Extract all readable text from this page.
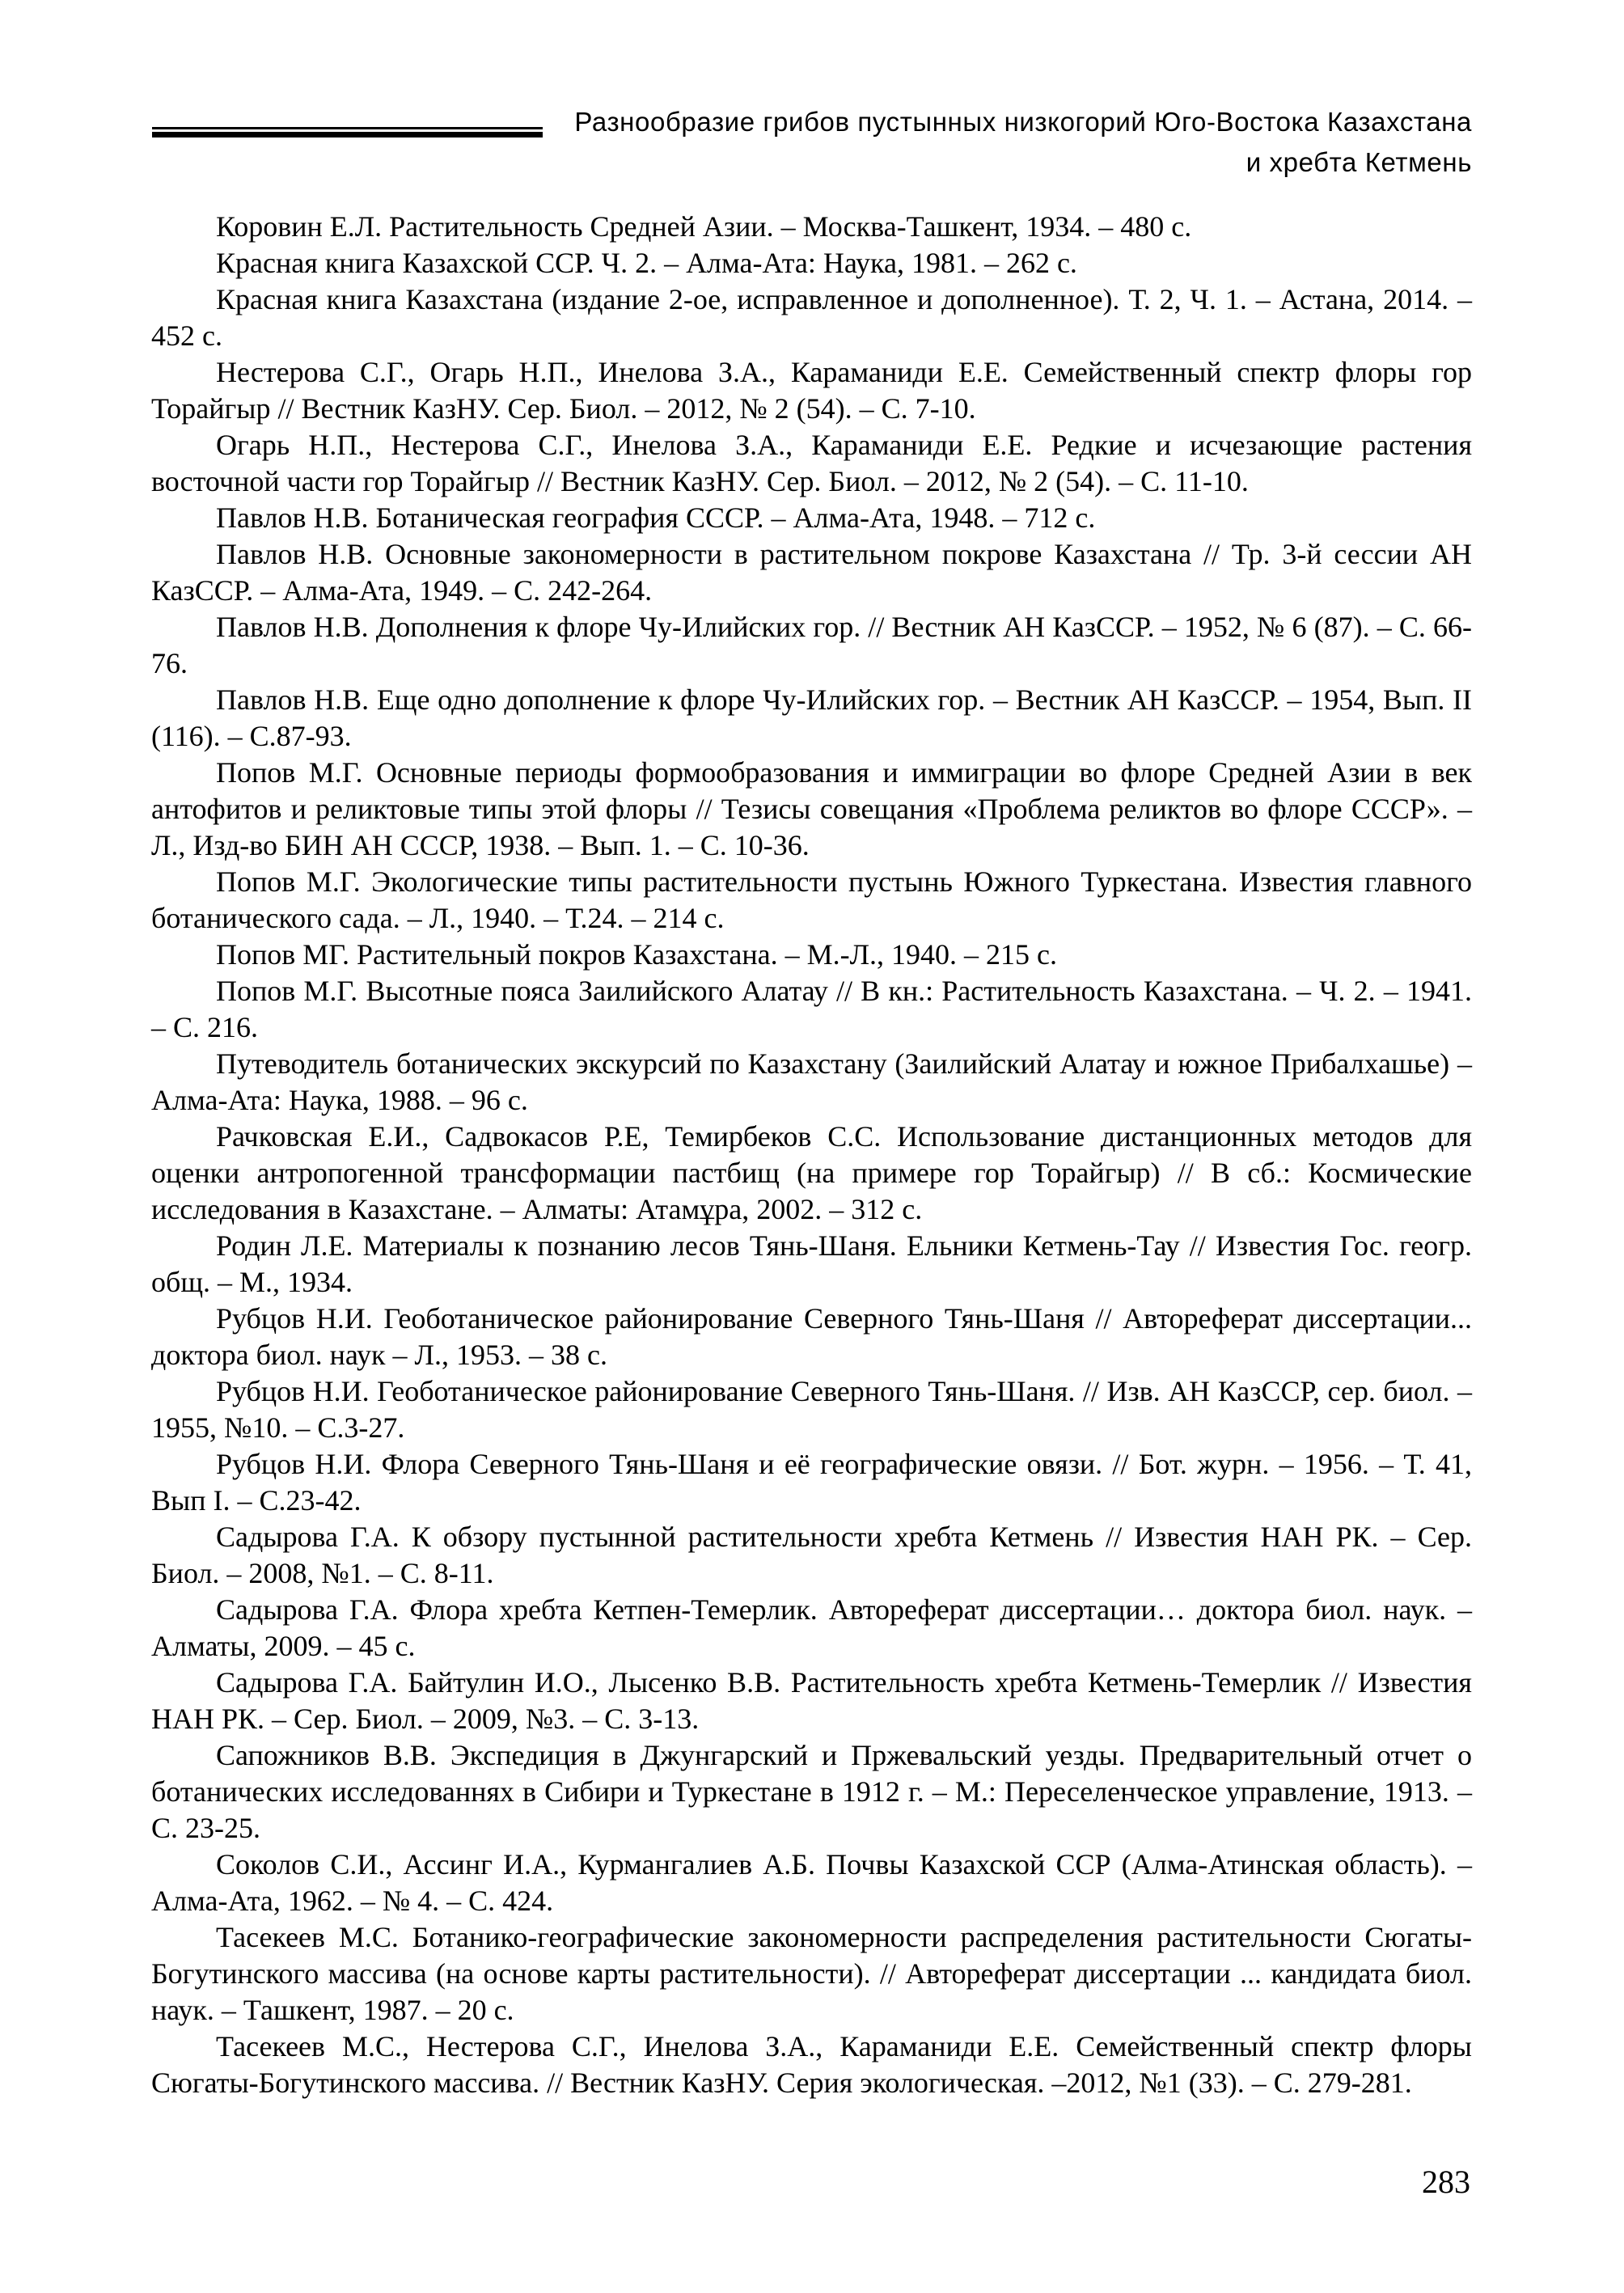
Разнообразие грибов пустынных низкогорий Юго-Востока Казахстана
и хребта Кетмень

Коровин Е.Л. Растительность Средней Азии. – Москва-Ташкент, 1934. – 480 с.

Красная книга Казахской ССР. Ч. 2. – Алма-Ата: Наука, 1981. – 262 с.

Красная книга Казахстана (издание 2-ое, исправленное и дополненное). Т. 2, Ч. 1. – Астана, 2014. – 452 с.

Нестерова С.Г., Огарь Н.П., Инелова З.А., Караманиди Е.Е. Семейственный спектр флоры гор Торайгыр // Вестник КазНУ. Сер. Биол. – 2012, № 2 (54). – С. 7-10.

Огарь Н.П., Нестерова С.Г., Инелова З.А., Караманиди Е.Е. Редкие и исчезающие растения восточной части гор Торайгыр // Вестник КазНУ. Сер. Биол. – 2012, № 2 (54). – С. 11-10.

Павлов Н.В. Ботаническая география СССР. – Алма-Ата, 1948. – 712 с.

Павлов Н.В. Основные закономерности в растительном покрове Казахстана // Тр. 3-й сессии АН КазССР. – Алма-Ата, 1949. – С. 242-264.

Павлов Н.В. Дополнения к флоре Чу-Илийских гор. // Вестник АН КазССР. – 1952, № 6 (87). – С. 66-76.

Павлов Н.В. Еще одно дополнение к флоре Чу-Илийских гор. – Вестник АН КазССР. – 1954, Вып. II (116). – С.87-93.

Попов М.Г. Основные периоды формообразования и иммиграции во флоре Средней Азии в век антофитов и реликтовые типы этой флоры // Тезисы совещания «Проблема реликтов во флоре СССР». – Л., Изд-во БИН АН СССР, 1938. – Вып. 1. – С. 10-36.

Попов М.Г. Экологические типы растительности пустынь Южного Туркестана. Известия главного ботанического сада. – Л., 1940. – Т.24. – 214 с.

Попов МГ. Растительный покров Казахстана. – М.-Л., 1940. – 215 с.

Попов М.Г. Высотные пояса Заилийского Алатау // В кн.: Растительность Казахстана. – Ч. 2. – 1941. – С. 216.

Путеводитель ботанических экскурсий по Казахстану (Заилийский Алатау и южное Прибалхашье) – Алма-Ата: Наука, 1988. – 96 с.

Рачковская Е.И., Садвокасов Р.Е, Темирбеков С.С. Использование дистанционных методов для оценки антропогенной трансформации пастбищ (на примере гор Торайгыр) // В сб.: Космические исследования в Казахстане. – Алматы: Атамұра, 2002. – 312 с.

Родин Л.Е. Материалы к познанию лесов Тянь-Шаня. Ельники Кетмень-Тау // Известия Гос. геогр. общ. – М., 1934.

Рубцов Н.И. Геоботаническое районирование Северного Тянь-Шаня // Автореферат диссертации... доктора биол. наук – Л., 1953. – 38 с.

Рубцов Н.И. Геоботаническое районирование Северного Тянь-Шаня. // Изв. АН КазССР, сер. биол. – 1955, №10. – С.3-27.

Рубцов Н.И. Флора Северного Тянь-Шаня и её географические овязи. // Бот. журн. – 1956. – Т. 41, Вып I. – С.23-42.

Садырова Г.А. К обзору пустынной растительности хребта Кетмень // Известия НАН РК. – Сер. Биол. – 2008, №1. – С. 8-11.

Садырова Г.А. Флора хребта Кетпен-Темерлик. Автореферат диссертации… доктора биол. наук. – Алматы, 2009. – 45 с.

Садырова Г.А. Байтулин И.О., Лысенко В.В. Растительность хребта Кетмень-Темерлик // Известия НАН РК. – Сер. Биол. – 2009, №3. – С. 3-13.

Сапожников В.В. Экспедиция в Джунгарский и Пржевальский уезды. Предварительный отчет о ботанических исследованнях в Сибири и Туркестане в 1912 г. – М.: Переселенческое управление, 1913. – С. 23-25.

Соколов С.И., Ассинг И.А., Курмангалиев А.Б. Почвы Казахской ССР (Алма-Атинская область). – Алма-Ата, 1962. – № 4. – С. 424.

Тасекеев М.С. Ботанико-географические закономерности распределения растительности Сюгаты-Богутинского массива (на основе карты растительности). // Автореферат диссертации ... кандидата биол. наук. – Ташкент, 1987. – 20 с.

Тасекеев М.С., Нестерова С.Г., Инелова З.А., Караманиди Е.Е. Семейственный спектр флоры Сюгаты-Богутинского массива. // Вестник КазНУ. Серия экологическая. –2012, №1 (33). – С. 279-281.

283
